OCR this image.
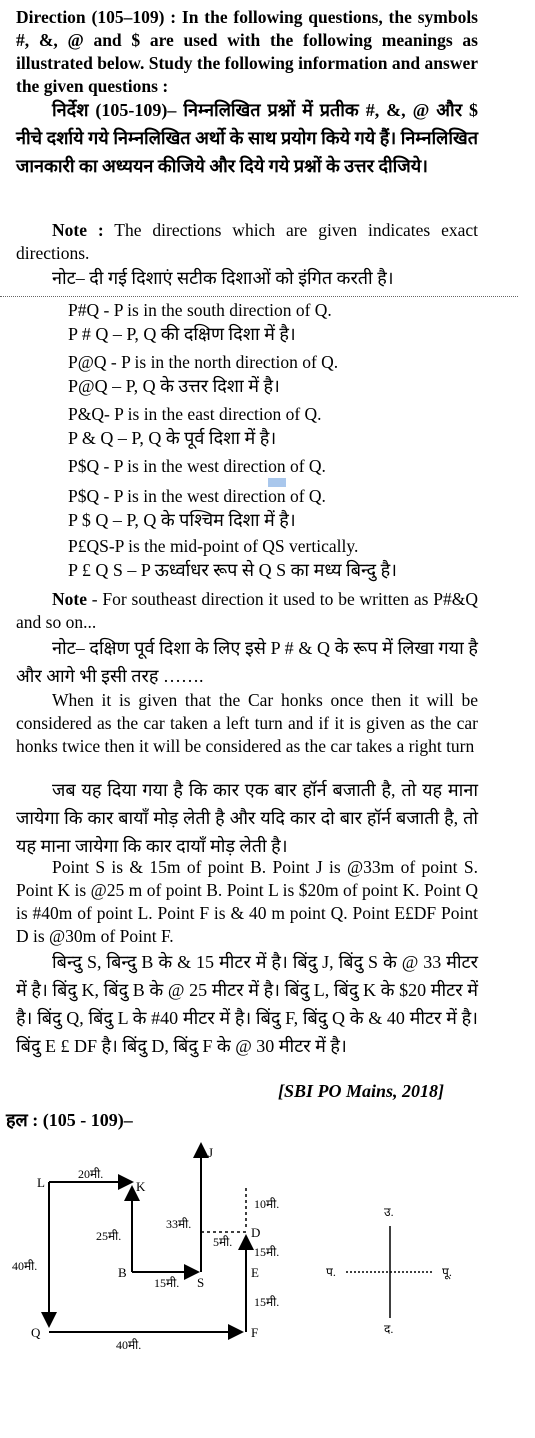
Direction (105–109) : In the following questions, the symbols #, &, @ and $ are used with the following meanings as illustrated below. Study the following information and answer the given questions :

निर्देश (105-109)– निम्नलिखित प्रश्नों में प्रतीक #, &, @ और $ नीचे दर्शाये गये निम्नलिखित अर्थो के साथ प्रयोग किये गये हैं। निम्नलिखित जानकारी का अध्ययन कीजिये और दिये गये प्रश्नों के उत्तर दीजिये।

Note : The directions which are given indicates exact directions.

नोट– दी गई दिशाएं सटीक दिशाओं को इंगित करती है।

P#Q - P is in the south direction of Q.
P # Q – P, Q की दक्षिण दिशा में है।
P@Q - P is in the north direction of Q.
P@Q – P, Q के उत्तर दिशा में है।
P&Q- P is in the east direction of Q.
P & Q – P, Q के पूर्व दिशा में है।
P$Q - P is in the west direction of Q.
P$Q - P is in the west direction of Q.
P $ Q – P, Q के पश्चिम दिशा में है।
P£QS-P is the mid-point of QS vertically.
P £ Q S – P ऊर्ध्वाधर रूप से Q S का मध्य बिन्दु है।

Note - For southeast direction it used to be written as P#&Q and so on...

नोट– दक्षिण पूर्व दिशा के लिए इसे P # & Q के रूप में लिखा गया है और आगे भी इसी तरह …….

When it is given that the Car honks once then it will be considered as the car taken a left turn and if it is given as the car honks twice then it will be considered as the car takes a right turn

जब यह दिया गया है कि कार एक बार हॉर्न बजाती है, तो यह माना जायेगा कि कार बायाँ मोड़ लेती है और यदि कार दो बार हॉर्न बजाती है, तो यह माना जायेगा कि कार दायाँ मोड़ लेती है।

Point S is & 15m of point B. Point J is @33m of point S. Point K is @25 m of point B. Point L is $20m of point K. Point Q is #40m of point L. Point F is & 40 m point Q. Point E£DF Point D is @30m of Point F.

बिन्दु S, बिन्दु B के & 15 मीटर में है। बिंदु J, बिंदु S के @ 33 मीटर में है। बिंदु K, बिंदु B के @ 25 मीटर में है। बिंदु L, बिंदु K के $20 मीटर में है। बिंदु Q, बिंदु L के #40 मीटर में है। बिंदु F, बिंदु Q के & 40 मीटर में है। बिंदु E £ DF है। बिंदु D, बिंदु F के @ 30 मीटर में है।

[SBI PO Mains, 2018]
हल : (105 - 109)–
L	K
B
S
J
D
E
F
Q
20मी.
25मी.
40मी.
15मी.
33मी.
5मी.
10मी.
15मी.
15मी.
40मी.
उ.
द.
पू.
प.
